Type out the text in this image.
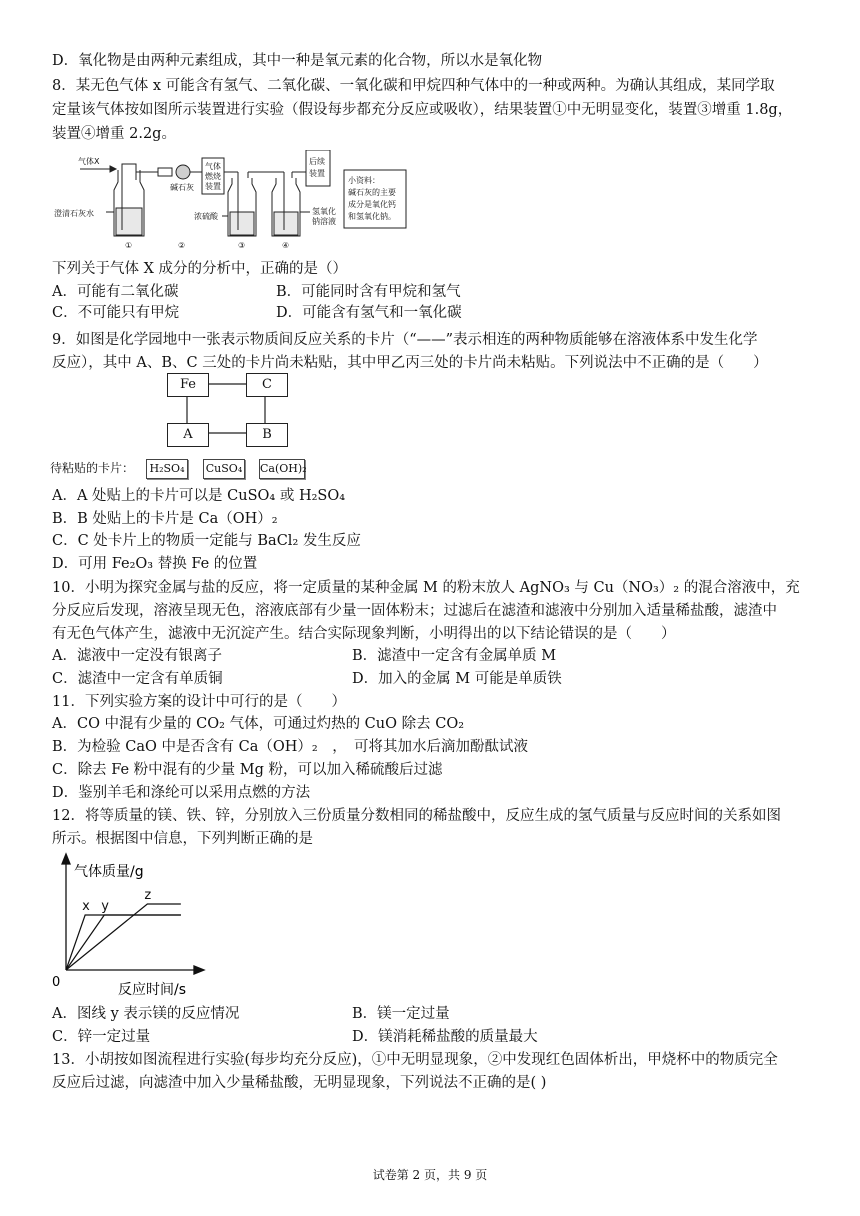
D．氧化物是由两种元素组成，其中一种是氧元素的化合物，所以水是氧化物
8．某无色气体 x 可能含有氢气、二氧化碳、一氧化碳和甲烷四种气体中的一种或两种。为确认其组成，某同学取
定量该气体按如图所示装置进行实验（假设每步都充分反应或吸收），结果装置①中无明显变化，装置③增重 1.8g，
装置④增重 2.2g。
气体X
澄清石灰水
碱石灰
气体
燃烧
装置
浓硫酸
氢氧化
钠溶液
后续
装置
①	②	③	④
小资料：
碱石灰的主要
成分是氧化钙
和氢氧化钠。
下列关于气体 X 成分的分析中，正确的是（）
A．可能有二氧化碳	B．可能同时含有甲烷和氢气
C．不可能只有甲烷	D．可能含有氢气和一氧化碳
9．如图是化学园地中一张表示物质间反应关系的卡片（“——”表示相连的两种物质能够在溶液体系中发生化学
反应），其中 A、B、C 三处的卡片尚未粘贴，其中甲乙丙三处的卡片尚未粘贴。下列说法中不正确的是（　　）
Fe	C
A	B
待粘贴的卡片：	H₂SO₄	CuSO₄ Ca(OH)₂
A．A 处贴上的卡片可以是 CuSO₄ 或 H₂SO₄
B．B 处贴上的卡片是 Ca（OH）₂
C．C 处卡片上的物质一定能与 BaCl₂ 发生反应
D．可用 Fe₂O₃ 替换 Fe 的位置
10．小明为探究金属与盐的反应，将一定质量的某种金属 M 的粉末放人 AgNO₃ 与 Cu（NO₃）₂ 的混合溶液中，充
分反应后发现，溶液呈现无色，溶液底部有少量一固体粉末；过滤后在滤渣和滤液中分别加入适量稀盐酸，滤渣中
有无色气体产生，滤液中无沉淀产生。结合实际现象判断，小明得出的以下结论错误的是（　　）
A．滤液中一定没有银离子	B．滤渣中一定含有金属单质 M
C．滤渣中一定含有单质铜	D．加入的金属 M 可能是单质铁
11．下列实验方案的设计中可行的是（　　）
A．CO 中混有少量的 CO₂ 气体，可通过灼热的 CuO 除去 CO₂
B．为检验 CaO 中是否含有 Ca（OH）₂　，　可将其加水后滴加酚酞试液
C．除去 Fe 粉中混有的少量 Mg 粉，可以加入稀硫酸后过滤
D．鉴别羊毛和涤纶可以采用点燃的方法
12．将等质量的镁、铁、锌，分别放入三份质量分数相同的稀盐酸中，反应生成的氢气质量与反应时间的关系如图
所示。根据图中信息，下列判断正确的是
x y
z
气体质量/g
反应时间/s
0
A．图线 y 表示镁的反应情况	B．镁一定过量
C．锌一定过量	D．镁消耗稀盐酸的质量最大
13．小胡按如图流程进行实验(每步均充分反应)，①中无明显现象，②中发现红色固体析出，甲烧杯中的物质完全
反应后过滤，向滤渣中加入少量稀盐酸，无明显现象，下列说法不正确的是( )
试卷第 2 页，共 9 页
